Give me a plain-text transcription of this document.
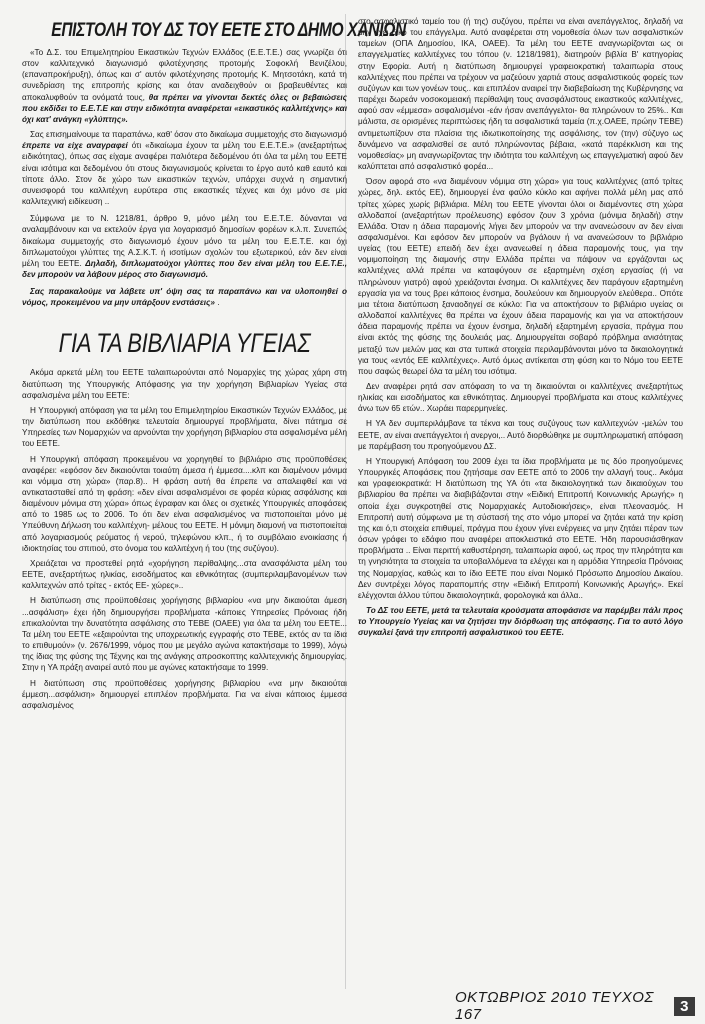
ΕΠΙΣΤΟΛΗ ΤΟΥ ΔΣ ΤΟΥ ΕΕΤΕ ΣΤΟ ΔΗΜΟ ΧΑΝΙΩΝ

«Το Δ.Σ. του Επιμελητηρίου Εικαστικών Τεχνών Ελλάδος (Ε.Ε.Τ.Ε.) σας γνωρίζει ότι στον καλλιτεχνικό διαγωνισμό φιλοτέχνησης προτομής Σοφοκλή Βενιζέλου, (επαναπροκήρυξη), όπως και σ' αυτόν φιλοτέχνησης προτομής Κ. Μητσοτάκη, κατά τη συνεδρίαση της επιτροπής κρίσης και όταν αναδειχθούν οι βραβευθέντες και αποκαλυφθούν τα ονόματά τους, θα πρέπει να γίνονται δεκτές όλες οι βεβαιώσεις που εκδίδει το Ε.Ε.Τ.Ε και στην ειδικότητα αναφέρεται «εικαστικός καλλιτέχνης» και όχι κατ' ανάγκη «γλύπτης».

Σας επισημαίνουμε τα παραπάνω, καθ' όσον στο δικαίωμα συμμετοχής στο διαγωνισμό έπρεπε να είχε αναγραφεί ότι «δικαίωμα έχουν τα μέλη του Ε.Ε.Τ.Ε.» (ανεξαρτήτως ειδικότητας), όπως σας είχαμε αναφέρει παλιότερα δεδομένου ότι όλα τα μέλη του ΕΕΤΕ είναι ισότιμα και δεδομένου ότι στους διαγωνισμούς κρίνεται το έργο αυτό καθ εαυτό και τίποτε άλλο. Στον δε χώρο των εικαστικών τεχνών, υπάρχει συχνά η σημαντική συνεισφορά του καλλιτέχνη ευρύτερα στις εικαστικές τέχνες και όχι μόνο σε μία καλλιτεχνική ειδίκευση ..

Σύμφωνα με το Ν. 1218/81, άρθρο 9, μόνο μέλη του Ε.Ε.Τ.Ε. δύνανται να αναλαμβάνουν και να εκτελούν έργα για λογαριασμό δημοσίων φορέων κ.λ.π. Συνεπώς δικαίωμα συμμετοχής στο διαγωνισμό έχουν μόνο τα μέλη του Ε.Ε.Τ.Ε. και όχι διπλωματούχοι γλύπτες της Α.Σ.Κ.Τ. ή ισοτίμων σχολών του εξωτερικού, εάν δεν είναι μέλη του ΕΕΤΕ. Δηλαδή, διπλωματούχοι γλύπτες που δεν είναι μέλη του Ε.Ε.Τ.Ε., δεν μπορούν να λάβουν μέρος στο διαγωνισμό.

Σας παρακαλούμε να λάβετε υπ' όψη σας τα παραπάνω και να υλοποιηθεί ο νόμος, προκειμένου να μην υπάρξουν ενστάσεις» .

ΓΙΑ ΤΑ ΒΙΒΛΙΑΡΙΑ ΥΓΕΙΑΣ

Ακόμα αρκετά μέλη του ΕΕΤΕ ταλαιπωρούνται από Νομαρχίες της χώρας χάρη στη διατύπωση της Υπουργικής Απόφασης για την χορήγηση Βιβλιαρίων Υγείας στα ασφαλισμένα μέλη του ΕΕΤΕ:

Η Υπουργική απόφαση για τα μέλη του Επιμελητηρίου Εικαστικών Τεχνών Ελλάδος, με την διατύπωση που εκδόθηκε τελευταία δημιουργεί προβλήματα, δίνει πάτημα σε Υπηρεσίες των Νομαρχιών να αρνούνται την χορήγηση βιβλιαρίου στα ασφαλισμένα μέλη του ΕΕΤΕ.

Η Υπουργική απόφαση προκειμένου να χορηγηθεί το βιβλιάριο στις προϋποθέσεις αναφέρει: «εφόσον δεν δικαιούνται τοιαύτη άμεσα ή έμμεσα....κλπ και διαμένουν μόνιμα και νόμιμα στη χώρα» (παρ.8).. Η φράση αυτή θα έπρεπε να απαλειφθεί και να αντικατασταθεί από τη φράση: «δεν είναι ασφαλισμένοι σε φορέα κύριας ασφάλισης και διαμένουν μόνιμα στη χώρα» όπως έγραφαν και όλες οι σχετικές Υπουργικές αποφάσεις από το 1985 ως το 2006. Το ότι δεν είναι ασφαλισμένος να πιστοποιείται μόνο με Υπεύθυνη Δήλωση του καλλιτέχνη- μέλους του ΕΕΤΕ. Η μόνιμη διαμονή να πιστοποιείται από λογαριασμούς ρεύματος ή νερού, τηλεφώνου κλπ., ή το συμβόλαιο ενοικίασης ή ιδιοκτησίας του σπιτιού, στο όνομα του καλλιτέχνη ή του (της συζύγου).

Χρειάζεται να προστεθεί ρητά «χορήγηση περίθαλψης...στα ανασφάλιστα μέλη του ΕΕΤΕ, ανεξαρτήτως ηλικίας, εισοδήματος και εθνικότητας (συμπεριλαμβανομένων των καλλιτεχνών από τρίτες - εκτός ΕΕ- χώρες»..

Η διατύπωση στις προϋποθέσεις χορήγησης βιβλιαρίου «να μην δικαιούται άμεση ...ασφάλιση» έχει ήδη δημιουργήσει προβλήματα -κάποιες Υπηρεσίες Πρόνοιας ήδη επικαλούνται την δυνατότητα ασφάλισης στο ΤΕΒΕ (ΟΑΕΕ) για όλα τα μέλη του ΕΕΤΕ... Τα μέλη του ΕΕΤΕ «εξαιρούνται της υποχρεωτικής εγγραφής στο ΤΕΒΕ, εκτός αν τα ίδια το επιθυμούν» (ν. 2676/1999, νόμος που με μεγάλο αγώνα κατακτήσαμε το 1999), λόγω της ίδιας της φύσης της Τέχνης και της ανάγκης απροσκοπτης καλλιτεχνικής δημιουργίας. Στην η ΥΑ πράξη αναιρεί αυτό που με αγώνες κατακτήσαμε το 1999.

Η διατύπωση στις προϋποθέσεις χορήγησης βιβλιαρίου «να μην δικαιούται έμμεση...ασφάλιση» δημιουργεί επιπλέον προβλήματα. Για να είναι κάποιος έμμεσα ασφαλισμένος

στο ασφαλιστικό ταμείο του (ή της) συζύγου, πρέπει να είναι ανεπάγγελτος, δηλαδή να μην έχει δικό του επάγγελμα. Αυτό αναφέρεται στη νομοθεσία όλων των ασφαλιστικών ταμείων (ΟΠΑ Δημοσίου, ΙΚΑ, ΟΑΕΕ). Τα μέλη του ΕΕΤΕ αναγνωρίζονται ως οι επαγγελματίες καλλιτέχνες του τόπου (ν. 1218/1981), διατηρούν βιβλία Β' κατηγορίας στην Εφορία. Αυτή η διατύπωση δημιουργεί γραφειοκρατική ταλαιπωρία στους καλλιτέχνες που πρέπει να τρέχουν να μαζεύουν χαρτιά στους ασφαλιστικούς φορείς των συζύγων και των γονέων τους.. και επιπλέον αναιρεί την διαβεβαίωση της Κυβέρνησης να παρέχει δωρεάν νοσοκομειακή περίθαλψη τους ανασφάλιστους εικαστικούς καλλιτέχνες, αφού σαν «έμμεσα» ασφαλισμένοι -εάν ήσαν ανεπάγγελτοι- θα πληρώνουν το 25%.. Και μάλιστα, σε ορισμένες περιπτώσεις ήδη τα ασφαλιστικά ταμεία (π.χ.ΟΑΕΕ, πρώην ΤΕΒΕ) αντιμετωπίζουν στα πλαίσια της ιδιωτικοποίησης της ασφάλισης, τον (την) σύζυγο ως δυνάμενο να ασφαλισθεί σε αυτό πληρώνοντας βέβαια, «κατά παρέκκλιση και της νομοθεσίας» μη αναγνωρίζοντας την ιδιότητα του καλλιτέχνη ως επαγγελματική αφού δεν καλύπτεται από ασφαλιστικό φορέα...

Όσον αφορά στο «να διαμένουν νόμιμα στη χώρα» για τους καλλιτέχνες (από τρίτες χώρες, δηλ. εκτός ΕΕ), δημιουργεί ένα φαύλο κύκλο και αφήνει πολλά μέλη μας από τρίτες χώρες χωρίς βιβλιάρια. Μέλη του ΕΕΤΕ γίνονται όλοι οι διαμένοντες στη χώρα αλλοδαποί (ανεξαρτήτων προέλευσης) εφόσον ζουν 3 χρόνια (μόνιμα δηλαδή) στην Ελλάδα. Όταν η άδεια παραμονής λήγει δεν μπορούν να την ανανεώσουν αν δεν είναι ασφαλισμένοι. Και εφόσον δεν μπορούν να βγάλουν ή να ανανεώσουν το βιβλιάριο υγείας (του ΕΕΤΕ) επειδή δεν έχει ανανεωθεί η άδεια παραμονής τους, για την νομιμοποίηση της διαμονής στην Ελλάδα πρέπει να πάψουν να εργάζονται ως καλλιτέχνες αλλά πρέπει να καταφύγουν σε εξαρτημένη σχέση εργασίας (ή να πληρώνουν γιατρό) αφού χρειάζονται ένσημα. Οι καλλιτέχνες δεν παράγουν εξαρτημένη εργασία για να τους βρει κάποιος ένσημα, δουλεύουν και δημιουργούν ελεύθερα.. Οπότε μια τέτοια διατύπωση ξαναοδηγεί σε κύκλο: Για να αποκτήσουν το βιβλιάριο υγείας οι αλλοδαποί καλλιτέχνες θα πρέπει να έχουν άδεια παραμονής και για να αποκτήσουν άδεια παραμονής πρέπει να έχουν ένσημα, δηλαδή εξαρτημένη εργασία, πράγμα που είναι εκτός της φύσης της δουλειάς μας. Δημιουργείται σοβαρό πρόβλημα ανισότητας μεταξύ των μελών μας και στα τυπικά στοιχεία περιλαμβάνονται μόνο τα δικαιολογητικά για τους «εντός ΕΕ καλλιτέχνες». Αυτό όμως αντίκειται στη φύση και το Νόμο του ΕΕΤΕ που σαφώς θεωρεί όλα τα μέλη του ισότιμα.

Δεν αναφέρει ρητά σαν απόφαση το να τη δικαιούνται οι καλλιτέχνες ανεξαρτήτως ηλικίας και εισοδήματος και εθνικότητας. Δημιουργεί προβλήματα και στους καλλιτέχνες άνω των 65 ετών.. Χωράει παρερμηνείες.

Η ΥΑ δεν συμπεριλάμβανε τα τέκνα και τους συζύγους των καλλιτεχνών -μελών του ΕΕΤΕ, αν είναι ανεπάγγελτοι ή ανεργοι,.. Αυτό διορθώθηκε με συμπληρωματική απόφαση με παρέμβαση του προηγούμενου ΔΣ.

Η Υπουργική Απόφαση του 2009 έχει τα ίδια προβλήματα με τις δύο προηγούμενες Υπουργικές Αποφάσεις που ζητήσαμε σαν ΕΕΤΕ από το 2006 την αλλαγή τους.. Ακόμα και γραφειοκρατικά: Η διατύπωση της ΥΑ ότι «τα δικαιολογητικά των δικαιούχων του βιβλιαρίου θα πρέπει να διαβιβάζονται στην «Ειδική Επιτροπή Κοινωνικής Αρωγής» η οποία έχει συγκροτηθεί στις Νομαρχιακές Αυτοδιοικήσεις», είναι πλεονασμός. Η Επιτροπή αυτή σύμφωνα με τη σύστασή της στο νόμο μπορεί να ζητάει κατά την κρίση της και ό,τι στοιχεία επιθυμεί, πράγμα που έχουν γίνει ενέργειες να μην ζητάει πέραν των όσων γράφει το εδάφιο που αναφέρει αποκλειστικά στο ΕΕΤΕ. Ήδη παρουσιάσθηκαν προβλήματα .. Είναι περιττή καθυστέρηση, ταλαιπωρία αφού, ως προς την πληρότητα και τη γνησιότητα τα στοιχεία τα υποβαλλόμενα τα ελέγχει και η αρμόδια Υπηρεσία Πρόνοιας της Νομαρχίας, καθώς και το ίδιο ΕΕΤΕ που είναι Νομικό Πρόσωπο Δημοσίου Δικαίου. Δεν συντρέχει λόγος παραπομπής στην «Ειδική Επιτροπή Κοινωνικής Αρωγής». Εκεί ελέγχονται άλλου τύπου δικαιολογητικά, φορολογικά και άλλα..

Το ΔΣ του ΕΕΤΕ, μετά τα τελευταία κρούσματα αποφάσισε να παρέμβει πάλι προς το Υπουργείο Υγείας και να ζητήσει την διόρθωση της απόφασης. Για το αυτό λόγο συγκαλεί ξανά την επιτροπή ασφαλιστικού του ΕΕΤΕ.

ΟΚΤΩΒΡΙΟΣ 2010 ΤΕΥΧΟΣ 167	3
